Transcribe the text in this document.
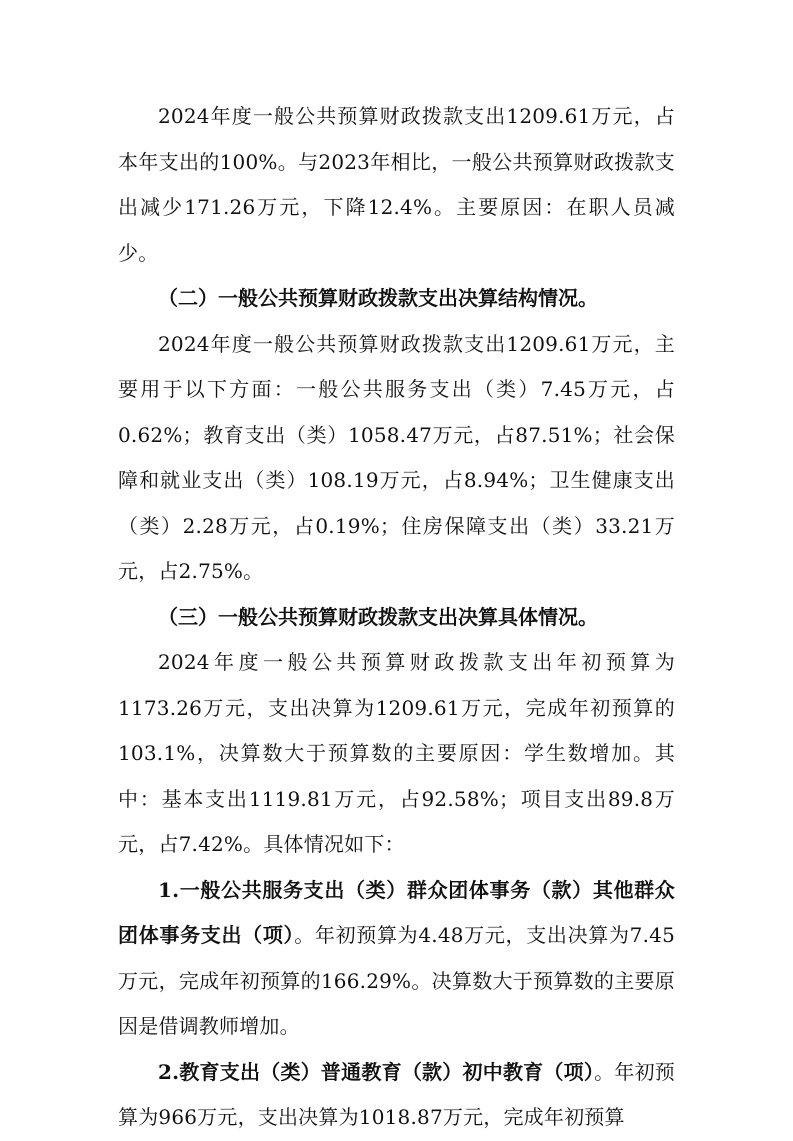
2024年度一般公共预算财政拨款支出1209.61万元，占本年支出的100%。与2023年相比，一般公共预算财政拨款支出减少171.26万元，下降12.4%。主要原因：在职人员减少。

（二）一般公共预算财政拨款支出决算结构情况。

2024年度一般公共预算财政拨款支出1209.61万元，主要用于以下方面：一般公共服务支出（类）7.45万元，占0.62%；教育支出（类）1058.47万元，占87.51%；社会保障和就业支出（类）108.19万元，占8.94%；卫生健康支出（类）2.28万元，占0.19%；住房保障支出（类）33.21万元，占2.75%。

（三）一般公共预算财政拨款支出决算具体情况。

2024年度一般公共预算财政拨款支出年初预算为1173.26万元，支出决算为1209.61万元，完成年初预算的103.1%，决算数大于预算数的主要原因：学生数增加。其中：基本支出1119.81万元，占92.58%；项目支出89.8万元，占7.42%。具体情况如下：

1.一般公共服务支出（类）群众团体事务（款）其他群众团体事务支出（项）。年初预算为4.48万元，支出决算为7.45万元，完成年初预算的166.29%。决算数大于预算数的主要原因是借调教师增加。

2.教育支出（类）普通教育（款）初中教育（项）。年初预算为966万元，支出决算为1018.87万元，完成年初预算
